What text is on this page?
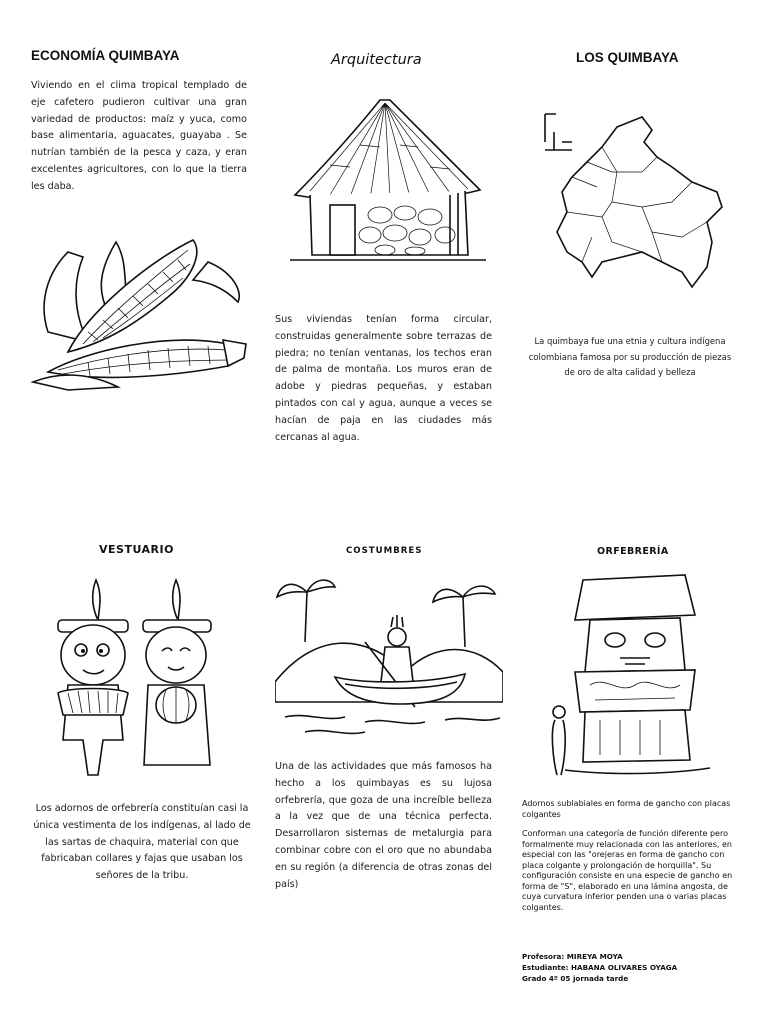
ECONOMÍA QUIMBAYA
Viviendo en el clima tropical templado de eje cafetero pudieron cultivar una gran variedad de productos: maíz y yuca, como base alimentaria, aguacates, guayaba . Se nutrían también de la pesca y caza, y eran excelentes agricultores, con lo que la tierra les daba.
Arquitectura
Sus viviendas tenían forma circular, construidas generalmente sobre terrazas de piedra; no tenían ventanas, los techos eran de palma de montaña. Los muros eran de adobe y piedras pequeñas, y estaban pintados con cal y agua, aunque a veces se hacían de paja en las ciudades más cercanas al agua.
LOS QUIMBAYA
La quimbaya fue una etnia y cultura indígena colombiana famosa por su producción de piezas de oro de alta calidad y belleza
VESTUARIO
Los adornos de orfebrería constituían casi la única vestimenta de los indígenas, al lado de las sartas de chaquira, material con que fabricaban collares y fajas que usaban los señores de la tribu.
COSTUMBRES
Una de las actividades que más famosos ha hecho a los quimbayas es su lujosa orfebrería, que goza de una increíble belleza a la vez que de una técnica perfecta. Desarrollaron sistemas de metalurgia para combinar cobre con el oro que no abundaba en su región (a diferencia de otras zonas del país)
ORFEBRERÍA
Adornos sublabiales en forma de gancho con placas colgantes
Conforman una categoría de función diferente pero formalmente muy relacionada con las anteriores, en especial con las "orejeras en forma de gancho con placa colgante y prolongación de horquilla". Su configuración consiste en una especie de gancho en forma de "S", elaborado en una lámina angosta, de cuya curvatura inferior penden una o varias placas colgantes.
Profesora: MIREYA MOYA
Estudiante: HABANA OLIVARES OYAGA
Grado 4º 05 jornada tarde
